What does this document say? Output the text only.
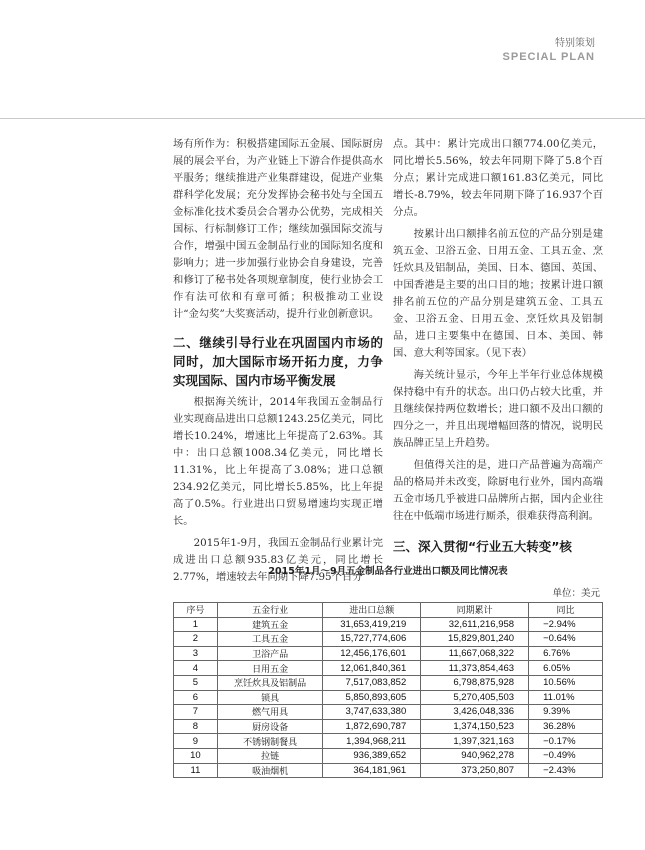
特别策划
SPECIAL PLAN

场有所作为：积极搭建国际五金展、国际厨房展的展会平台，为产业链上下游合作提供高水平服务；继续推进产业集群建设，促进产业集群科学化发展；充分发挥协会秘书处与全国五金标准化技术委员会合署办公优势，完成相关国标、行标制修订工作；继续加强国际交流与合作，增强中国五金制品行业的国际知名度和影响力；进一步加强行业协会自身建设，完善和修订了秘书处各项规章制度，使行业协会工作有法可依和有章可循；积极推动工业设计“金勾奖”大奖赛活动，提升行业创新意识。

二、继续引导行业在巩固国内市场的同时，加大国际市场开拓力度，力争实现国际、国内市场平衡发展

根据海关统计，2014年我国五金制品行业实现商品进出口总额1243.25亿美元，同比增长10.24%，增速比上年提高了2.63%。其中：出口总额1008.34亿美元，同比增长11.31%，比上年提高了3.08%；进口总额234.92亿美元，同比增长5.85%，比上年提高了0.5%。行业进出口贸易增速均实现正增长。

2015年1-9月，我国五金制品行业累计完成进出口总额935.83亿美元，同比增长2.77%，增速较去年同期下降7.95个百分

点。其中：累计完成出口额774.00亿美元，同比增长5.56%，较去年同期下降了5.8个百分点；累计完成进口额161.83亿美元，同比增长-8.79%，较去年同期下降了16.937个百分点。

按累计出口额排名前五位的产品分别是建筑五金、卫浴五金、日用五金、工具五金、烹饪炊具及铝制品，美国、日本、德国、英国、中国香港是主要的出口目的地；按累计进口额排名前五位的产品分别是建筑五金、工具五金、卫浴五金、日用五金、烹饪炊具及铝制品，进口主要集中在德国、日本、美国、韩国、意大利等国家。（见下表）

海关统计显示，今年上半年行业总体规模保持稳中有升的状态。出口仍占较大比重，并且继续保持两位数增长；进口额不及出口额的四分之一，并且出现增幅回落的情况，说明民族品牌正呈上升趋势。

但值得关注的是，进口产品普遍为高端产品的格局并未改变，除厨电行业外，国内高端五金市场几乎被进口品牌所占据，国内企业往往在中低端市场进行厮杀，很难获得高利润。

三、深入贯彻“行业五大转变”核
2015年1月～9月五金制品各行业进出口额及同比情况表
单位：美元
序号	五金行业	进出口总额	同期累计	同比
1	建筑五金	31,653,419,219	32,611,216,958	−2.94%
2	工具五金	15,727,774,606	15,829,801,240	−0.64%
3	卫浴产品	12,456,176,601	11,667,068,322	6.76%
4	日用五金	12,061,840,361	11,373,854,463	6.05%
5	烹饪炊具及铝制品	7,517,083,852	6,798,875,928	10.56%
6	锁具	5,850,893,605	5,270,405,503	11.01%
7	燃气用具	3,747,633,380	3,426,048,336	9.39%
8	厨房设备	1,872,690,787	1,374,150,523	36.28%
9	不锈钢制餐具	1,394,968,211	1,397,321,163	−0.17%
10	拉链	936,389,652	940,962,278	−0.49%
11	吸油烟机	364,181,961	373,250,807	−2.43%
